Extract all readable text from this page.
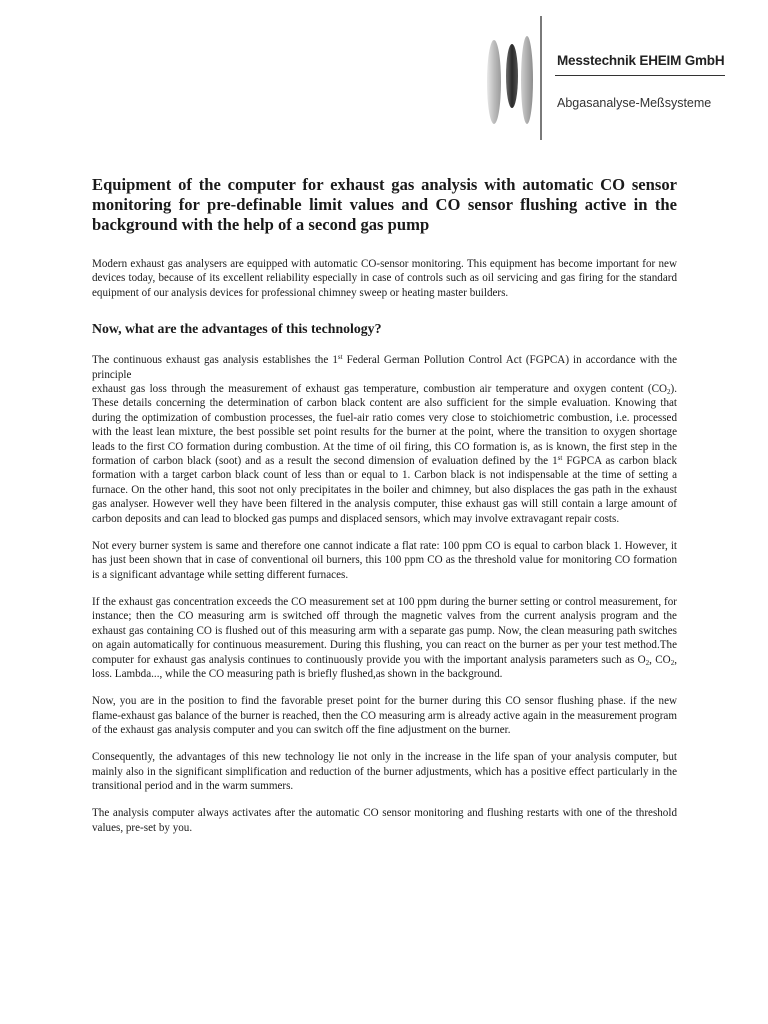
Messtechnik EHEIM GmbH
Abgasanalyse-Meßsysteme
Equipment of the computer for exhaust gas analysis with automatic CO sensor monitoring for pre-definable limit values and CO sensor flushing active in the background with the help of a second gas pump

Modern exhaust gas analysers are equipped with automatic CO-sensor monitoring. This equipment has become important for new devices today, because of its excellent reliability especially in case of controls such as oil servicing and gas firing for the standard equipment of our analysis devices for professional chimney sweep or heating master builders.

Now, what are the advantages of this technology?

The continuous exhaust gas analysis establishes the 1st Federal German Pollution Control Act (FGPCA) in accordance with the principle
exhaust gas loss through the measurement of exhaust gas temperature, combustion air temperature and oxygen content $(CO_2)$. These details concerning the determination of carbon black content are also sufficient for the simple evaluation. Knowing that during the optimization of combustion processes, the fuel-air ratio comes very close to stoichiometric combustion, i.e. processed with the least lean mixture, the best possible set point results for the burner at the point, where the transition to oxygen shortage leads to the first CO formation during combustion. At the time of oil firing, this CO formation is, as is known, the first step in the formation of carbon black (soot) and as a result the second dimension of evaluation defined by the 1st FGPCA as carbon black formation with a target carbon black count of less than or equal to 1. Carbon black is not indispensable at the time of setting a furnace. On the other hand, this soot not only precipitates in the boiler and chimney, but also displaces the gas path in the exhaust gas analyser. However well they have been filtered in the analysis computer, thise exhaust gas will still contain a large amount of carbon deposits and can lead to blocked gas pumps and displaced sensors, which may involve extravagant repair costs.

Not every burner system is same and therefore one cannot indicate a flat rate: 100 ppm CO is equal to carbon black 1. However, it has just been shown that in case of conventional oil burners, this 100 ppm CO as the threshold value for monitoring CO formation is a significant advantage while setting different furnaces.

If the exhaust gas concentration exceeds the CO measurement set at 100 ppm during the burner setting or control measurement, for instance; then the CO measuring arm is switched off through the magnetic valves from the current analysis program and the exhaust gas containing CO is flushed out of this measuring arm with a separate gas pump. Now, the clean measuring path switches on again automatically for continuous measurement. During this flushing, you can react on the burner as per your test method.The computer for exhaust gas analysis continues to continuously provide you with the important analysis parameters such as $O_2$, $CO_2$, loss. Lambda..., while the CO measuring path is briefly flushed,as shown in the background.

Now, you are in the position to find the favorable preset point for the burner during this CO sensor flushing phase. if the new flame-exhaust gas balance of the burner is reached, then the CO measuring arm is already active again in the measurement program of the exhaust gas analysis computer and you can switch off the fine adjustment on the burner.

Consequently, the advantages of this new technology lie not only in the increase in the life span of your analysis computer, but mainly also in the significant simplification and reduction of the burner adjustments, which has a positive effect particularly in the transitional period and in the warm summers.

The analysis computer always activates after the automatic CO sensor monitoring and flushing restarts with one of the threshold values, pre-set by you.
